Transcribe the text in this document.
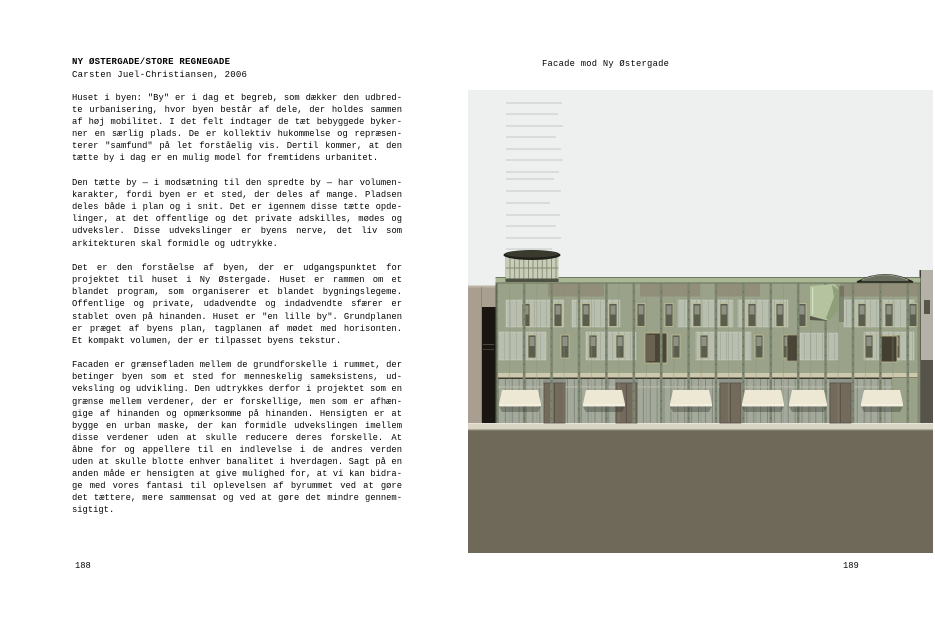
NY ØSTERGADE/STORE REGNEGADE
Carsten Juel-Christiansen, 2006
Huset i byen: "By" er i dag et begreb, som dækker den udbred-
te urbanisering, hvor byen består af dele, der holdes sammen
af høj mobilitet. I det felt indtager de tæt bebyggede byker-
ner en særlig plads. De er kollektiv hukommelse og repræsen-
terer "samfund" på let forståelig vis. Dertil kommer, at den
tætte by i dag er en mulig model for fremtidens urbanitet.
Den tætte by — i modsætning til den spredte by — har volumen-
karakter, fordi byen er et sted, der deles af mange. Pladsen
deles både i plan og i snit. Det er igennem disse tætte opde-
linger, at det offentlige og det private adskilles, mødes og
udveksler. Disse udvekslinger er byens nerve, det liv som
arkitekturen skal formidle og udtrykke.
Det er den forståelse af byen, der er udgangspunktet for
projektet til huset i Ny Østergade. Huset er rammen om et
blandet program, som organiserer et blandet bygningslegeme.
Offentlige og private, udadvendte og indadvendte sfærer er
stablet oven på hinanden. Huset er "en lille by". Grundplanen
er præget af byens plan, tagplanen af mødet med horisonten.
Et kompakt volumen, der er tilpasset byens tekstur.
Facaden er grænsefladen mellem de grundforskelle i rummet, der
betinger byen som et sted for menneskelig sameksistens, ud-
veksling og udvikling. Den udtrykkes derfor i projektet som en
grænse mellem verdener, der er forskellige, men som er afhæn-
gige af hinanden og opmærksomme på hinanden. Hensigten er at
bygge en urban maske, der kan formidle udvekslingen imellem
disse verdener uden at skulle reducere deres forskelle. At
åbne for og appellere til en indlevelse i de andres verden
uden at skulle blotte enhver banalitet i hverdagen. Sagt på en
anden måde er hensigten at give mulighed for, at vi kan bidra-
ge med vores fantasi til oplevelsen af byrummet ved at gøre
det tættere, mere sammensat og ved at gøre det mindre gennem-
sigtigt.
188
Facade mod Ny Østergade
189
